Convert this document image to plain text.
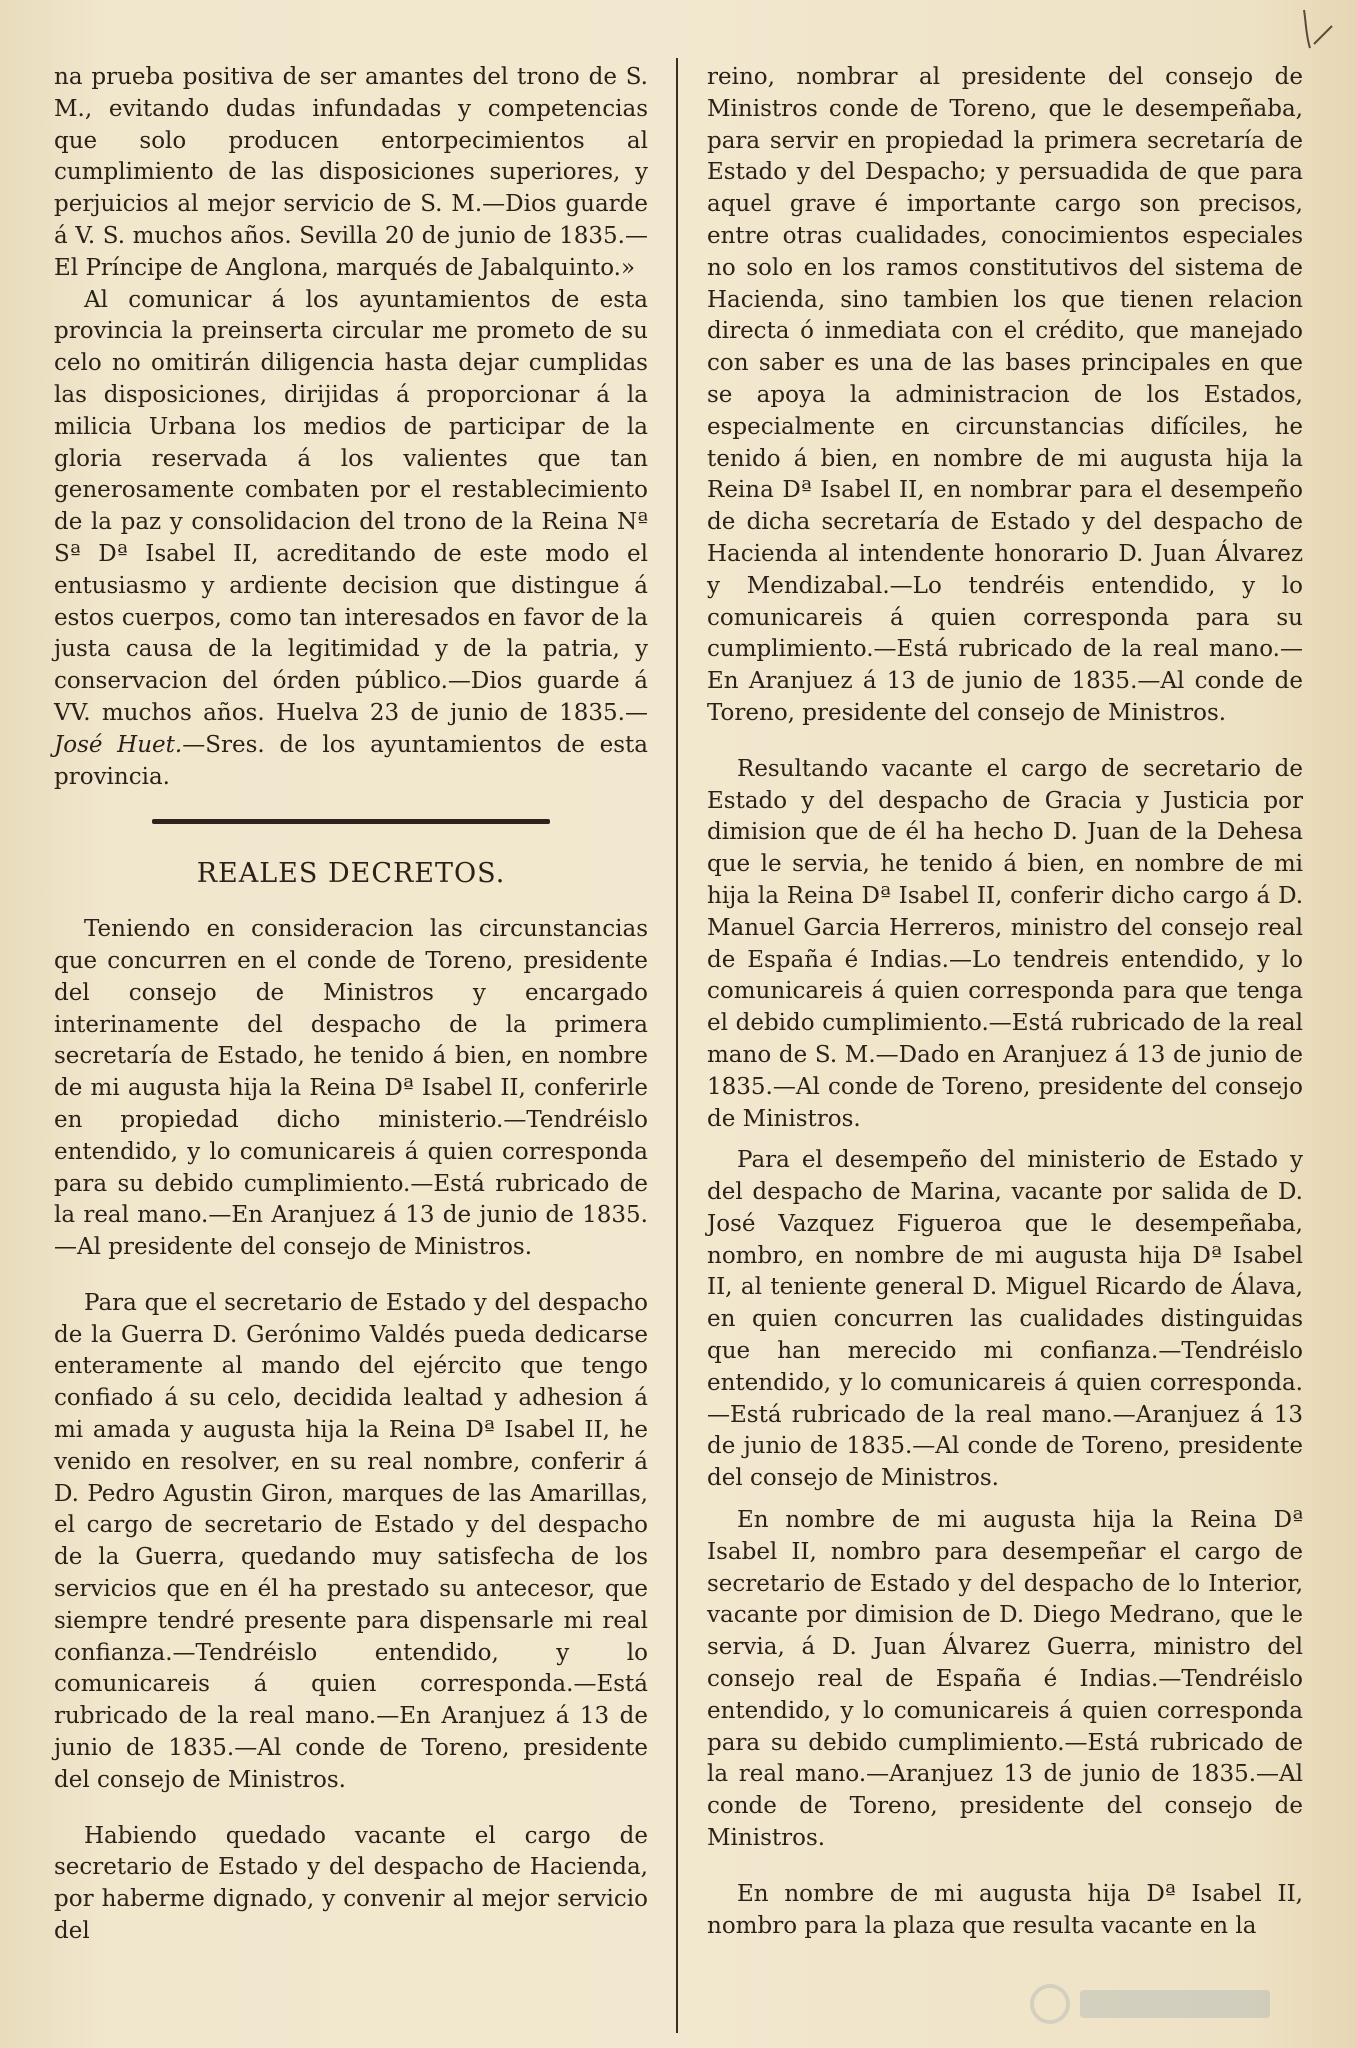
na prueba positiva de ser amantes del trono de S. M., evitando dudas infundadas y competencias que solo producen entorpecimientos al cumplimiento de las disposiciones superiores, y perjuicios al mejor servicio de S. M.—Dios guarde á V. S. muchos años. Sevilla 20 de junio de 1835.—El Príncipe de Anglona, marqués de Jabalquinto.»

Al comunicar á los ayuntamientos de esta provincia la preinserta circular me prometo de su celo no omitirán diligencia hasta dejar cumplidas las disposiciones, dirijidas á proporcionar á la milicia Urbana los medios de participar de la gloria reservada á los valientes que tan generosamente combaten por el restablecimiento de la paz y consolidacion del trono de la Reina Nª Sª Dª Isabel II, acreditando de este modo el entusiasmo y ardiente decision que distingue á estos cuerpos, como tan interesados en favor de la justa causa de la legitimidad y de la patria, y conservacion del órden público.—Dios guarde á VV. muchos años. Huelva 23 de junio de 1835.—José Huet.—Sres. de los ayuntamientos de esta provincia.

REALES DECRETOS.

Teniendo en consideracion las circunstancias que concurren en el conde de Toreno, presidente del consejo de Ministros y encargado interinamente del despacho de la primera secretaría de Estado, he tenido á bien, en nombre de mi augusta hija la Reina Dª Isabel II, conferirle en propiedad dicho ministerio.—Tendréislo entendido, y lo comunicareis á quien corresponda para su debido cumplimiento.—Está rubricado de la real mano.—En Aranjuez á 13 de junio de 1835.—Al presidente del consejo de Ministros.

Para que el secretario de Estado y del despacho de la Guerra D. Gerónimo Valdés pueda dedicarse enteramente al mando del ejército que tengo confiado á su celo, decidida lealtad y adhesion á mi amada y augusta hija la Reina Dª Isabel II, he venido en resolver, en su real nombre, conferir á D. Pedro Agustin Giron, marques de las Amarillas, el cargo de secretario de Estado y del despacho de la Guerra, quedando muy satisfecha de los servicios que en él ha prestado su antecesor, que siempre tendré presente para dispensarle mi real confianza.—Tendréislo entendido, y lo comunicareis á quien corresponda.—Está rubricado de la real mano.—En Aranjuez á 13 de junio de 1835.—Al conde de Toreno, presidente del consejo de Ministros.

Habiendo quedado vacante el cargo de secretario de Estado y del despacho de Hacienda, por haberme dignado, y convenir al mejor servicio del

reino, nombrar al presidente del consejo de Ministros conde de Toreno, que le desempeñaba, para servir en propiedad la primera secretaría de Estado y del Despacho; y persuadida de que para aquel grave é importante cargo son precisos, entre otras cualidades, conocimientos especiales no solo en los ramos constitutivos del sistema de Hacienda, sino tambien los que tienen relacion directa ó inmediata con el crédito, que manejado con saber es una de las bases principales en que se apoya la administracion de los Estados, especialmente en circunstancias difíciles, he tenido á bien, en nombre de mi augusta hija la Reina Dª Isabel II, en nombrar para el desempeño de dicha secretaría de Estado y del despacho de Hacienda al intendente honorario D. Juan Álvarez y Mendizabal.—Lo tendréis entendido, y lo comunicareis á quien corresponda para su cumplimiento.—Está rubricado de la real mano.—En Aranjuez á 13 de junio de 1835.—Al conde de Toreno, presidente del consejo de Ministros.

Resultando vacante el cargo de secretario de Estado y del despacho de Gracia y Justicia por dimision que de él ha hecho D. Juan de la Dehesa que le servia, he tenido á bien, en nombre de mi hija la Reina Dª Isabel II, conferir dicho cargo á D. Manuel Garcia Herreros, ministro del consejo real de España é Indias.—Lo tendreis entendido, y lo comunicareis á quien corresponda para que tenga el debido cumplimiento.—Está rubricado de la real mano de S. M.—Dado en Aranjuez á 13 de junio de 1835.—Al conde de Toreno, presidente del consejo de Ministros.

Para el desempeño del ministerio de Estado y del despacho de Marina, vacante por salida de D. José Vazquez Figueroa que le desempeñaba, nombro, en nombre de mi augusta hija Dª Isabel II, al teniente general D. Miguel Ricardo de Álava, en quien concurren las cualidades distinguidas que han merecido mi confianza.—Tendréislo entendido, y lo comunicareis á quien corresponda.—Está rubricado de la real mano.—Aranjuez á 13 de junio de 1835.—Al conde de Toreno, presidente del consejo de Ministros.

En nombre de mi augusta hija la Reina Dª Isabel II, nombro para desempeñar el cargo de secretario de Estado y del despacho de lo Interior, vacante por dimision de D. Diego Medrano, que le servia, á D. Juan Álvarez Guerra, ministro del consejo real de España é Indias.—Tendréislo entendido, y lo comunicareis á quien corresponda para su debido cumplimiento.—Está rubricado de la real mano.—Aranjuez 13 de junio de 1835.—Al conde de Toreno, presidente del consejo de Ministros.

En nombre de mi augusta hija Dª Isabel II, nombro para la plaza que resulta vacante en la
